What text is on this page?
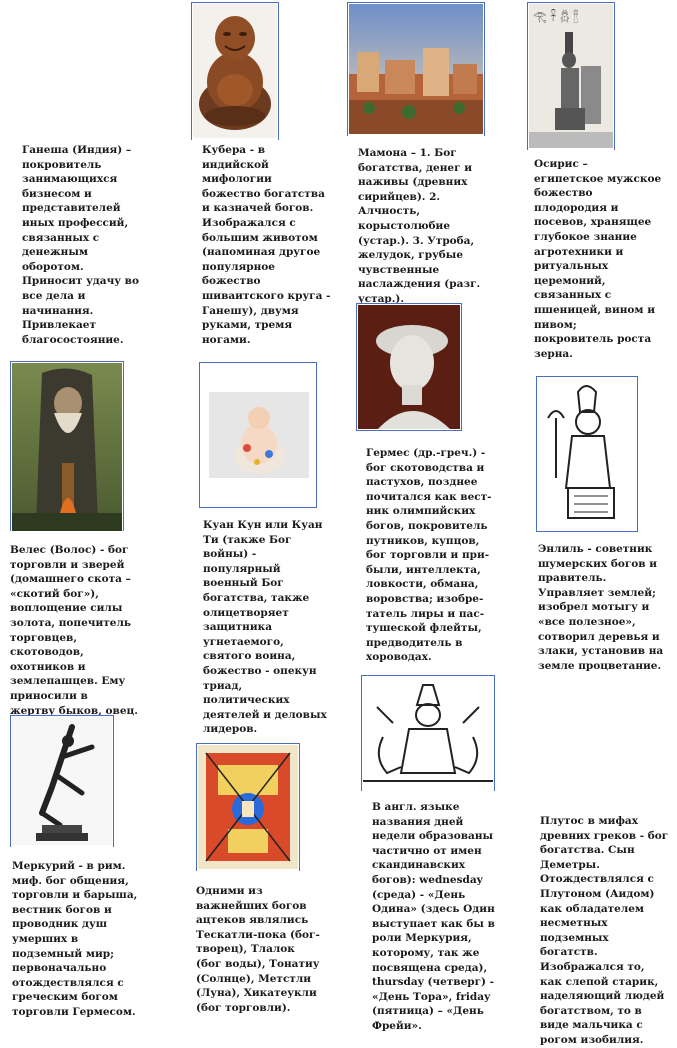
𓂀 𓋹 𓆣 𓊽

Ганеша (Индия) –
покровитель
занимающихся
бизнесом и
представителей
иных профессий,
связанных с
денежным
оборотом.
Приносит удачу во
все дела и
начинания.
Привлекает
благосостояние.

Кубера - в
индийской
мифологии
божество богатства
и казначей богов.
Изображался с
большим животом
(напоминая другое
популярное
божество
шиваитского круга -
Ганешу), двумя
руками, тремя
ногами.

Мамона – 1. Бог
богатства, денег и
наживы (древних
сирийцев). 2.
Алчность,
корыстолюбие
(устар.). 3. Утроба,
желудок, грубые
чувственные
наслаждения (разг.
устар.).

Осирис –
египетское мужское
божество
плодородия и
посевов, хранящее
глубокое знание
агротехники и
ритуальных
церемоний,
связанных с
пшеницей, вином и
пивом;
покровитель роста
зерна.

Гермес (др.-греч.) -
бог скотоводства и
пастухов, позднее
почитался как вест-
ник олимпийских
богов, покровитель
путников, купцов,
бог торговли и при-
были, интеллекта,
ловкости, обмана,
воровства; изобре-
татель лиры и пас-
тушеской флейты,
предводитель в
хороводах.

Велес (Волос) - бог
торговли и зверей
(домашнего скота –
«скотий бог»),
воплощение силы
золота, попечитель
торговцев,
скотоводов,
охотников и
землепашцев. Ему
приносили в
жертву быков, овец.

Куан Кун или Куан
Ти (также Бог
войны) -
популярный
военный Бог
богатства, также
олицетворяет
защитника
угнетаемого,
святого воина,
божество - опекун
триад,
политических
деятелей и деловых
лидеров.

Энлиль - советник
шумерских богов и
правитель.
Управляет землей;
изобрел мотыгу и
«все полезное»,
сотворил деревья и
злаки, установив на
земле процветание.

В англ. языке
названия дней
недели образованы
частично от имен
скандинавских
богов): wednesday
(среда) - «День
Одина» (здесь Один
выступает как бы в
роли Меркурия,
которому, так же
посвящена среда),
thursday (четверг) -
«День Тора», friday
(пятница) – «День
Фрейи».

Плутос в мифах
древних греков - бог
богатства. Сын
Деметры.
Отождествлялся с
Плутоном (Аидом)
как обладателем
несметных
подземных
богатств.
Изображался то,
как слепой старик,
наделяющий людей
богатством, то в
виде мальчика с
рогом изобилия.

Меркурий - в рим.
миф. бог общения,
торговли и барыша,
вестник богов и
проводник душ
умерших в
подземный мир;
первоначально
отождествлялся с
греческим богом
торговли Гермесом.

Одними из
важнейших богов
ацтеков являлись
Тескатли-пока (бог-
творец), Тлалок
(бог воды), Тонатиу
(Солнце), Метстли
(Луна), Хикатеукли
(бог торговли).
